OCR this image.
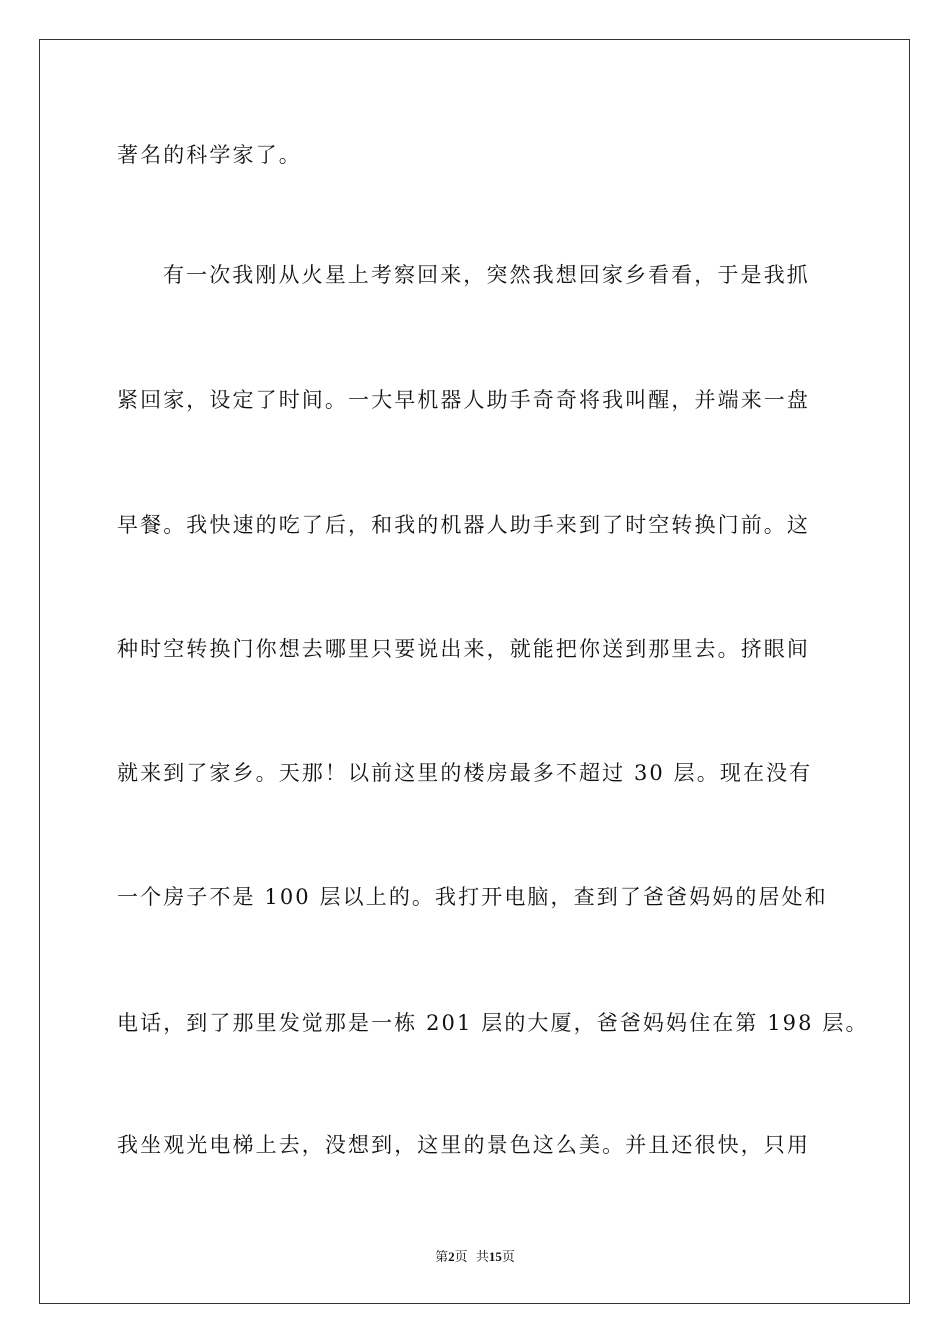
著名的科学家了。
有一次我刚从火星上考察回来，突然我想回家乡看看，于是我抓
紧回家，设定了时间。一大早机器人助手奇奇将我叫醒，并端来一盘
早餐。我快速的吃了后，和我的机器人助手来到了时空转换门前。这
种时空转换门你想去哪里只要说出来，就能把你送到那里去。挤眼间
就来到了家乡。天那！以前这里的楼房最多不超过 30 层。现在没有
一个房子不是 100 层以上的。我打开电脑，查到了爸爸妈妈的居处和
电话，到了那里发觉那是一栋 201 层的大厦，爸爸妈妈住在第 198 层。
我坐观光电梯上去，没想到，这里的景色这么美。并且还很快，只用
第2页  共15页
